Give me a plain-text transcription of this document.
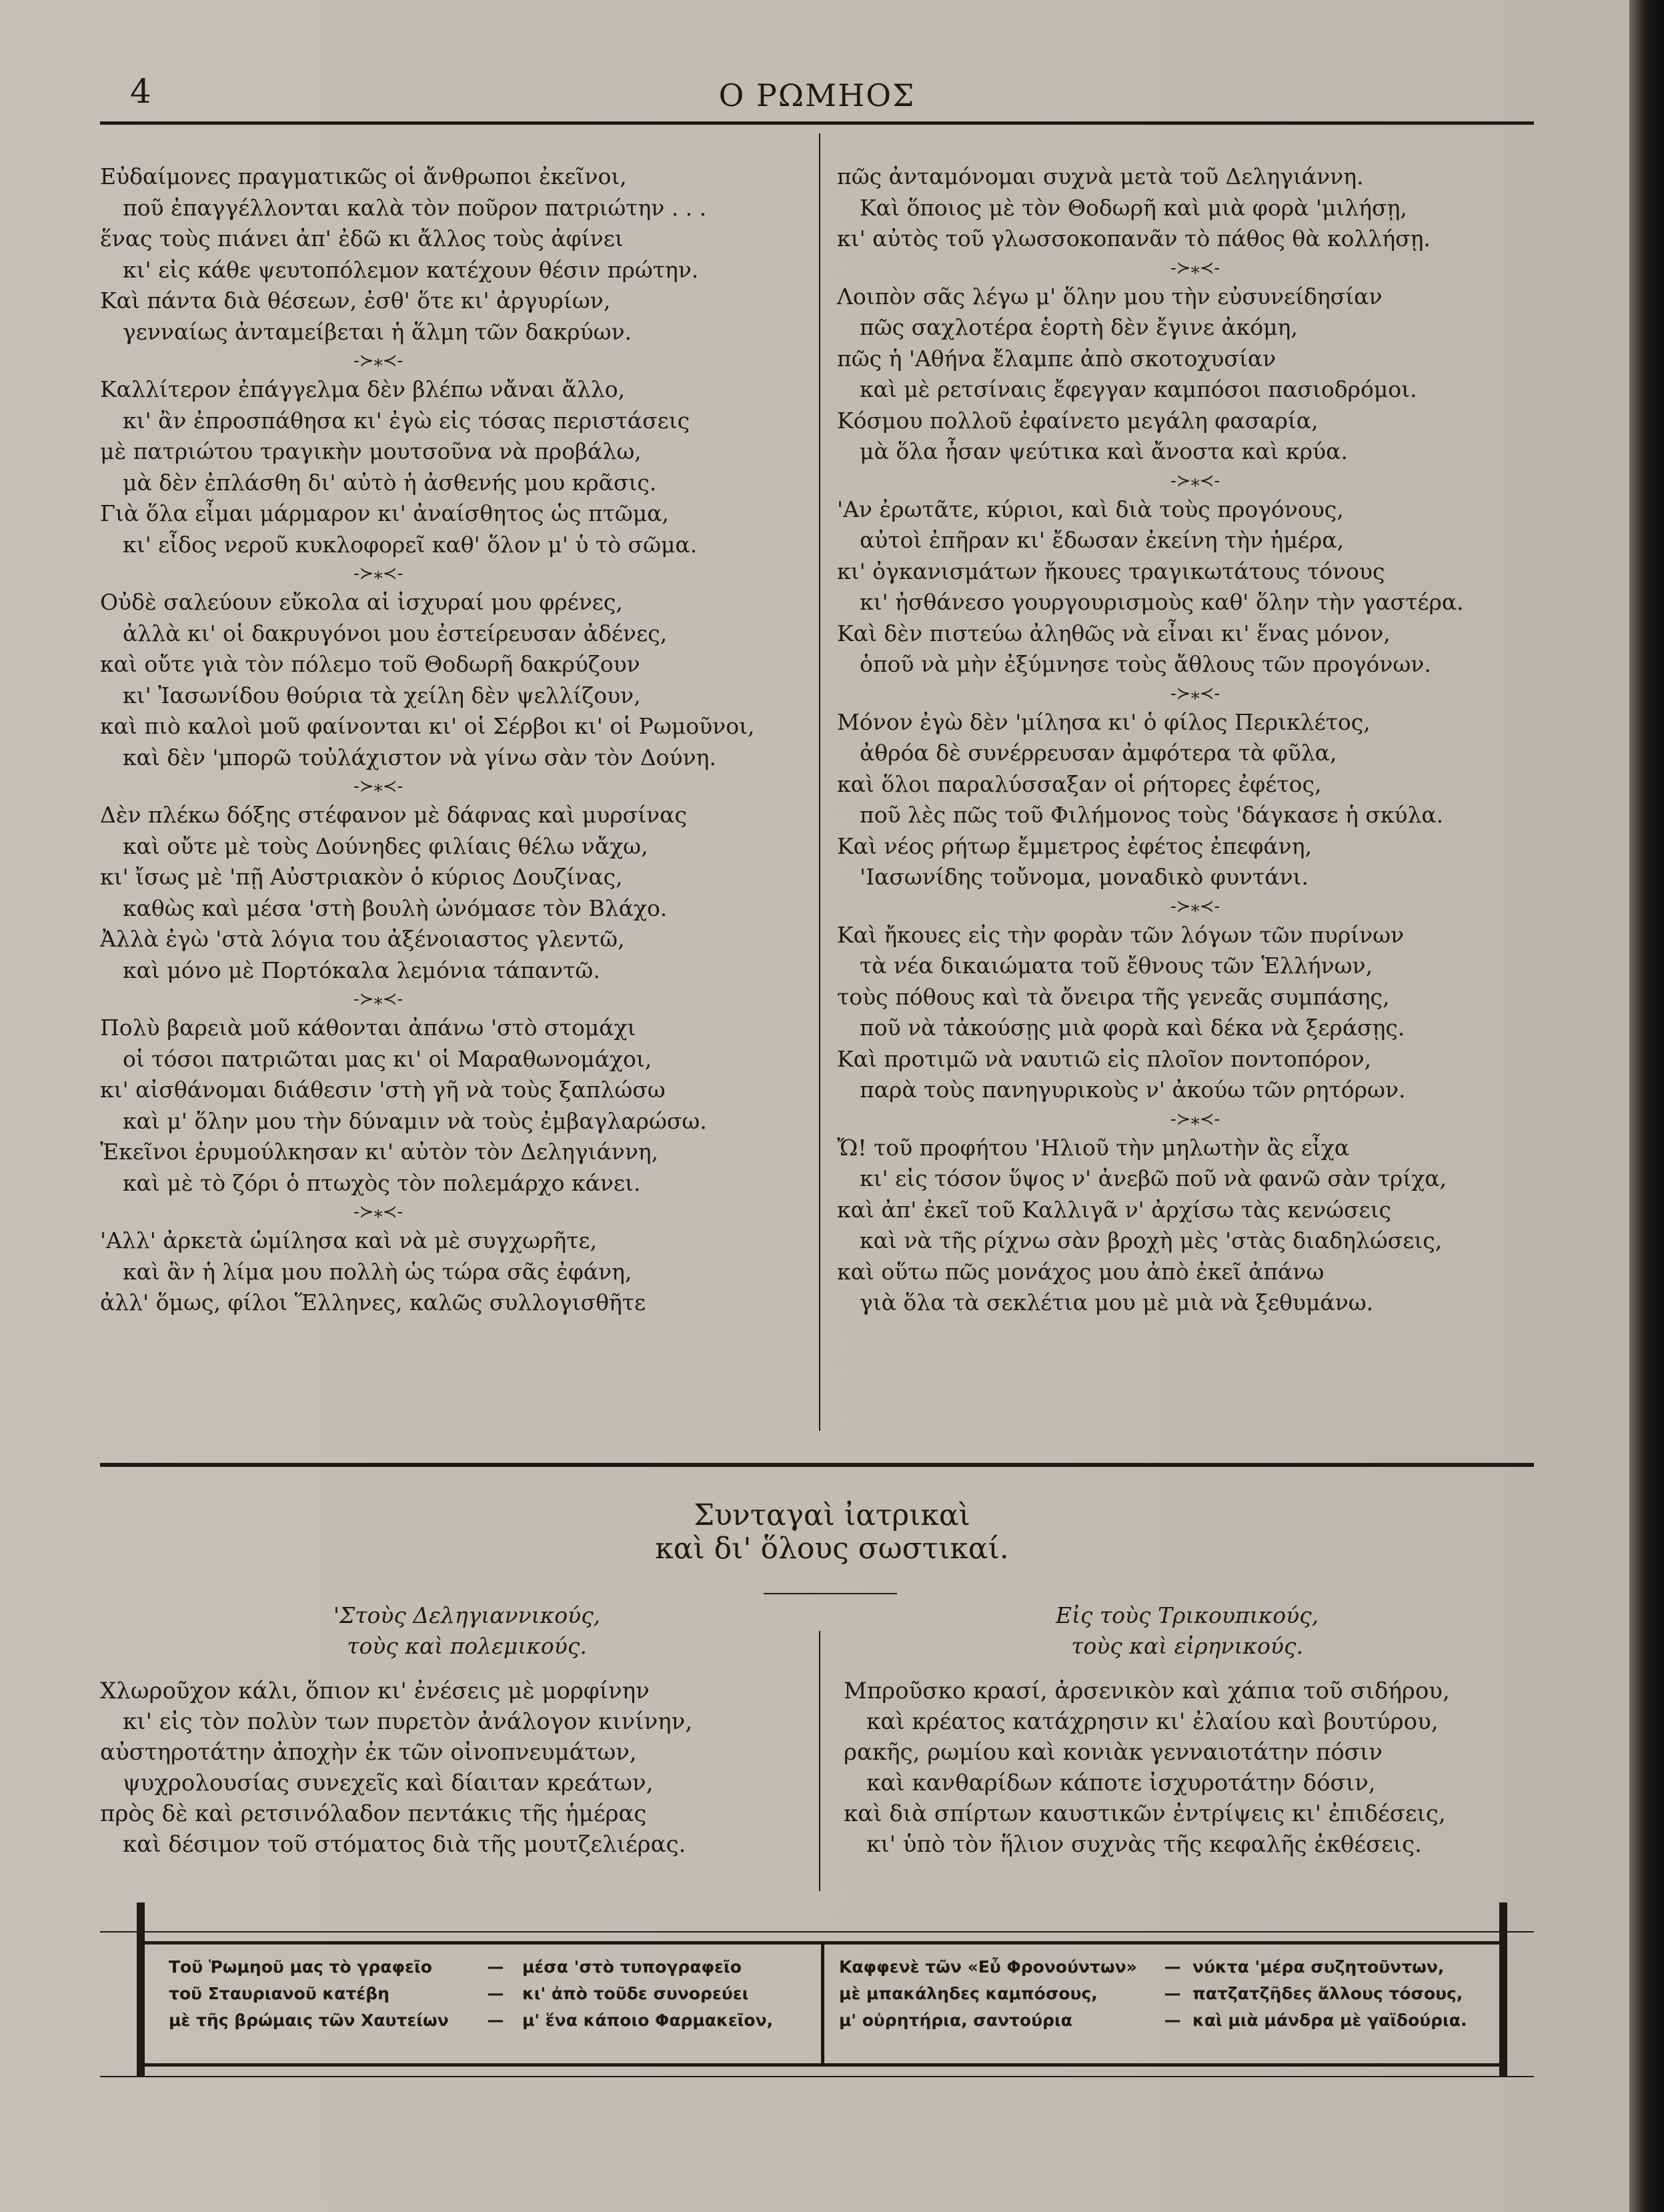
4	Ο ΡΩΜΗΟΣ

Εὐδαίμονες πραγματικῶς οἱ ἄνθρωποι ἐκεῖνοι,

ποῦ ἐπαγγέλλονται καλὰ τὸν ποῦρον πατριώτην . . .

ἕνας τοὺς πιάνει ἀπ' ἐδῶ κι ἄλλος τοὺς ἀφίνει

κι' εἰς κάθε ψευτοπόλεμον κατέχουν θέσιν πρώτην.

Καὶ πάντα διὰ θέσεων, ἐσθ' ὅτε κι' ἀργυρίων,

γενναίως ἀνταμείβεται ἡ ἅλμη τῶν δακρύων.

-≻⁎≺-

Καλλίτερον ἐπάγγελμα δὲν βλέπω νἄναι ἄλλο,

κι' ἂν ἐπροσπάθησα κι' ἐγὼ εἰς τόσας περιστάσεις

μὲ πατριώτου τραγικὴν μουτσοῦνα νὰ προβάλω,

μὰ δὲν ἐπλάσθη δι' αὐτὸ ἡ ἀσθενής μου κρᾶσις.

Γιὰ ὅλα εἶμαι μάρμαρον κι' ἀναίσθητος ὡς πτῶμα,

κι' εἶδος νεροῦ κυκλοφορεῖ καθ' ὅλον μ' ὑ τὸ σῶμα.

-≻⁎≺-

Οὐδὲ σαλεύουν εὔκολα αἱ ἰσχυραί μου φρένες,

ἀλλὰ κι' οἱ δακρυγόνοι μου ἐστείρευσαν ἀδένες,

καὶ οὔτε γιὰ τὸν πόλεμο τοῦ Θοδωρῆ δακρύζουν

κι' Ἰασωνίδου θούρια τὰ χείλη δὲν ψελλίζουν,

καὶ πιὸ καλοὶ μοῦ φαίνονται κι' οἱ Σέρβοι κι' οἱ Ρωμοῦνοι,

καὶ δὲν 'μπορῶ τοὐλάχιστον νὰ γίνω σὰν τὸν Δούνη.

-≻⁎≺-

Δὲν πλέκω δόξης στέφανον μὲ δάφνας καὶ μυρσίνας

καὶ οὔτε μὲ τοὺς Δούνηδες φιλίαις θέλω νἄχω,

κι' ἴσως μὲ 'πῇ Αὐστριακὸν ὁ κύριος Δουζίνας,

καθὼς καὶ μέσα 'στὴ βουλὴ ὠνόμασε τὸν Βλάχο.

Ἀλλὰ ἐγὼ 'στὰ λόγια του ἀξένοιαστος γλεντῶ,

καὶ μόνο μὲ Πορτόκαλα λεμόνια τάπαντῶ.

-≻⁎≺-

Πολὺ βαρειὰ μοῦ κάθονται ἀπάνω 'στὸ στομάχι

οἱ τόσοι πατριῶται μας κι' οἱ Μαραθωνομάχοι,

κι' αἰσθάνομαι διάθεσιν 'στὴ γῆ νὰ τοὺς ξαπλώσω

καὶ μ' ὅλην μου τὴν δύναμιν νὰ τοὺς ἐμβαγλαρώσω.

Ἐκεῖνοι ἐρυμούλκησαν κι' αὐτὸν τὸν Δεληγιάννη,

καὶ μὲ τὸ ζόρι ὁ πτωχὸς τὸν πολεμάρχο κάνει.

-≻⁎≺-

'Αλλ' ἀρκετὰ ὡμίλησα καὶ νὰ μὲ συγχωρῆτε,

καὶ ἂν ἡ λίμα μου πολλὴ ὡς τώρα σᾶς ἐφάνη,

ἀλλ' ὅμως, φίλοι Ἕλληνες, καλῶς συλλογισθῆτε

πῶς ἀνταμόνομαι συχνὰ μετὰ τοῦ Δεληγιάννη.

Καὶ ὅποιος μὲ τὸν Θοδωρῆ καὶ μιὰ φορὰ 'μιλήσῃ,

κι' αὐτὸς τοῦ γλωσσοκοπανᾶν τὸ πάθος θὰ κολλήσῃ.

-≻⁎≺-

Λοιπὸν σᾶς λέγω μ' ὅλην μου τὴν εὐσυνείδησίαν

πῶς σαχλοτέρα ἑορτὴ δὲν ἔγινε ἀκόμη,

πῶς ἡ 'Αθήνα ἔλαμπε ἀπὸ σκοτοχυσίαν

καὶ μὲ ρετσίναις ἔφεγγαν καμπόσοι πασιοδρόμοι.

Κόσμου πολλοῦ ἐφαίνετο μεγάλη φασαρία,

μὰ ὅλα ἦσαν ψεύτικα καὶ ἄνοστα καὶ κρύα.

-≻⁎≺-

'Αν ἐρωτᾶτε, κύριοι, καὶ διὰ τοὺς προγόνους,

αὐτοὶ ἐπῆραν κι' ἔδωσαν ἐκείνη τὴν ἡμέρα,

κι' ὀγκανισμάτων ἤκουες τραγικωτάτους τόνους

κι' ἠσθάνεσο γουργουρισμοὺς καθ' ὅλην τὴν γαστέρα.

Καὶ δὲν πιστεύω ἀληθῶς νὰ εἶναι κι' ἕνας μόνον,

ὁποῦ νὰ μὴν ἐξύμνησε τοὺς ἄθλους τῶν προγόνων.

-≻⁎≺-

Μόνον ἐγὼ δὲν 'μίλησα κι' ὁ φίλος Περικλέτος,

ἀθρόα δὲ συνέρρευσαν ἀμφότερα τὰ φῦλα,

καὶ ὅλοι παραλύσσαξαν οἱ ρήτορες ἐφέτος,

ποῦ λὲς πῶς τοῦ Φιλήμονος τοὺς 'δάγκασε ἡ σκύλα.

Καὶ νέος ρήτωρ ἔμμετρος ἐφέτος ἐπεφάνη,

'Ιασωνίδης τοὔνομα, μοναδικὸ φυντάνι.

-≻⁎≺-

Καὶ ἤκουες εἰς τὴν φορὰν τῶν λόγων τῶν πυρίνων

τὰ νέα δικαιώματα τοῦ ἔθνους τῶν Ἑλλήνων,

τοὺς πόθους καὶ τὰ ὄνειρα τῆς γενεᾶς συμπάσης,

ποῦ νὰ τἀκούσῃς μιὰ φορὰ καὶ δέκα νὰ ξεράσῃς.

Καὶ προτιμῶ νὰ ναυτιῶ εἰς πλοῖον ποντοπόρον,

παρὰ τοὺς πανηγυρικοὺς ν' ἀκούω τῶν ρητόρων.

-≻⁎≺-

Ὤ! τοῦ προφήτου 'Ηλιοῦ τὴν μηλωτὴν ἂς εἶχα

κι' εἰς τόσον ὕψος ν' ἀνεβῶ ποῦ νὰ φανῶ σὰν τρίχα,

καὶ ἀπ' ἐκεῖ τοῦ Καλλιγᾶ ν' ἀρχίσω τὰς κενώσεις

καὶ νὰ τῆς ρίχνω σὰν βροχὴ μὲς 'στὰς διαδηλώσεις,

καὶ οὕτω πῶς μονάχος μου ἀπὸ ἐκεῖ ἀπάνω

γιὰ ὅλα τὰ σεκλέτια μου μὲ μιὰ νὰ ξεθυμάνω.

Συνταγαὶ ἰατρικαὶ
καὶ δι' ὅλους σωστικαί.
'Στοὺς Δεληγιαννικούς,
τοὺς καὶ πολεμικούς.
Εἰς τοὺς Τρικουπικούς,
τοὺς καὶ εἰρηνικούς.
Χλωροῦχον κάλι, ὅπιον κι' ἐνέσεις μὲ μορφίνην
κι' εἰς τὸν πολὺν των πυρετὸν ἀνάλογον κινίνην,
αὐστηροτάτην ἀποχὴν ἐκ τῶν οἰνοπνευμάτων,
ψυχρολουσίας συνεχεῖς καὶ δίαιταν κρεάτων,
πρὸς δὲ καὶ ρετσινόλαδον πεντάκις τῆς ἡμέρας
καὶ δέσιμον τοῦ στόματος διὰ τῆς μουτζελιέρας.
Μπροῦσκο κρασί, ἀρσενικὸν καὶ χάπια τοῦ σιδήρου,
καὶ κρέατος κατάχρησιν κι' ἐλαίου καὶ βουτύρου,
ρακῆς, ρωμίου καὶ κονιὰκ γενναιοτάτην πόσιν
καὶ κανθαρίδων κάποτε ἰσχυροτάτην δόσιν,
καὶ διὰ σπίρτων καυστικῶν ἐντρίψεις κι' ἐπιδέσεις,
κι' ὑπὸ τὸν ἥλιον συχνὰς τῆς κεφαλῆς ἐκθέσεις.
Τοῦ Ῥωμηοῦ μας τὸ γραφεῖο	—	μέσα 'στὸ τυπογραφεῖο
τοῦ Σταυριανοῦ κατέβη	—	κι' ἀπὸ τοῦδε συνορεύει
μὲ τῆς βρώμαις τῶν Χαυτείων	—	μ' ἕνα κάποιο Φαρμακεῖον,
Καφφενὲ τῶν «Εὖ Φρονούντων»	— νύκτα 'μέρα συζητοῦντων,
μὲ μπακάληδες καμπόσους,	— πατζατζῆδες ἄλλους τόσους,
μ' οὐρητήρια, σαντούρια	— καὶ μιὰ μάνδρα μὲ γαϊδούρια.
